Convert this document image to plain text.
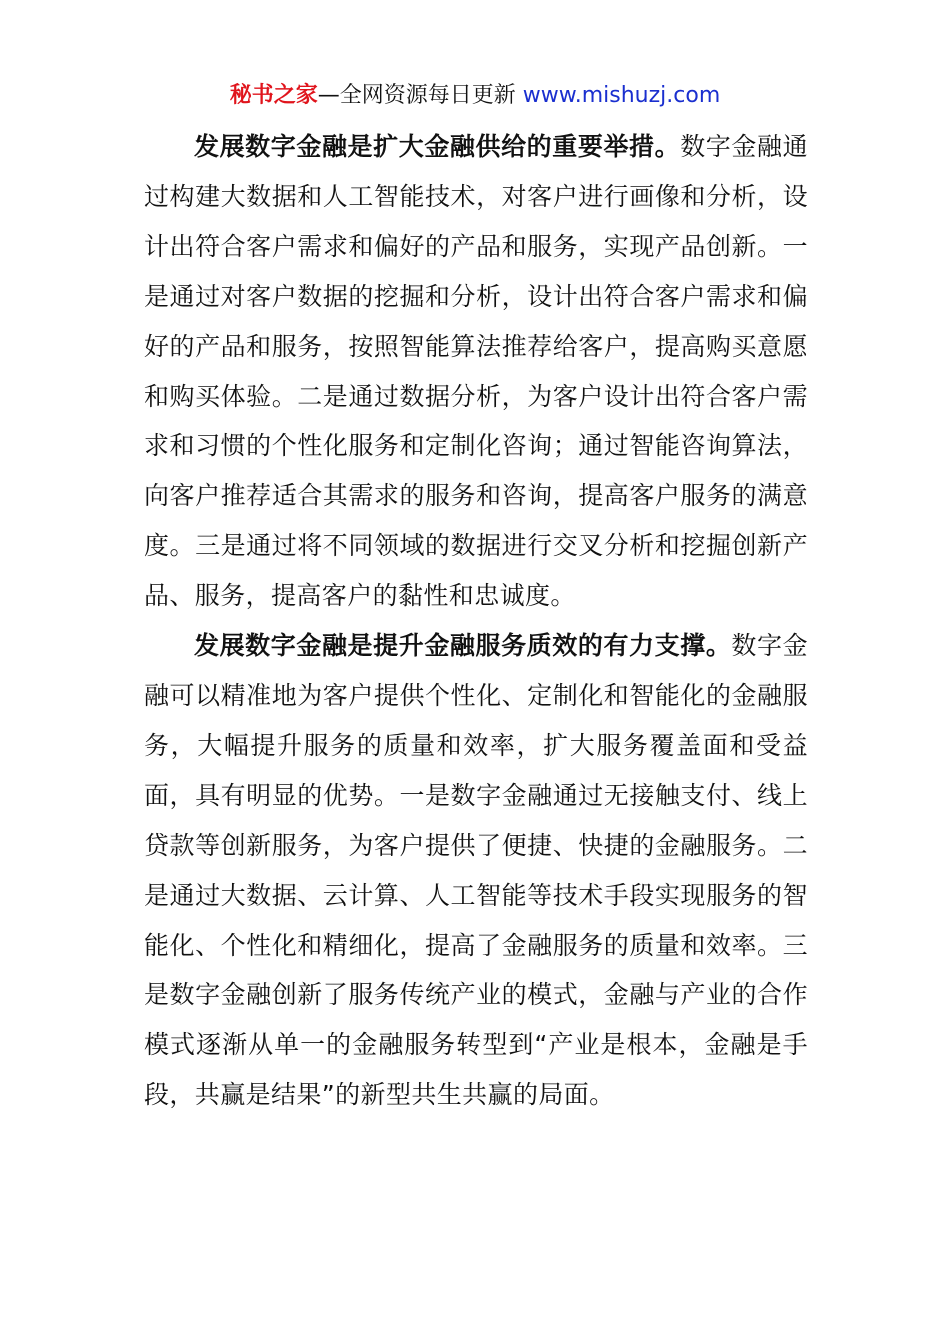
秘书之家—全网资源每日更新 www.mishuzj.com

发展数字金融是扩大金融供给的重要举措。数字金融通过构建大数据和人工智能技术，对客户进行画像和分析，设计出符合客户需求和偏好的产品和服务，实现产品创新。一是通过对客户数据的挖掘和分析，设计出符合客户需求和偏好的产品和服务，按照智能算法推荐给客户，提高购买意愿和购买体验。二是通过数据分析，为客户设计出符合客户需求和习惯的个性化服务和定制化咨询；通过智能咨询算法，向客户推荐适合其需求的服务和咨询，提高客户服务的满意度。三是通过将不同领域的数据进行交叉分析和挖掘创新产品、服务，提高客户的黏性和忠诚度。

发展数字金融是提升金融服务质效的有力支撑。数字金融可以精准地为客户提供个性化、定制化和智能化的金融服务，大幅提升服务的质量和效率，扩大服务覆盖面和受益面，具有明显的优势。一是数字金融通过无接触支付、线上贷款等创新服务，为客户提供了便捷、快捷的金融服务。二是通过大数据、云计算、人工智能等技术手段实现服务的智能化、个性化和精细化，提高了金融服务的质量和效率。三是数字金融创新了服务传统产业的模式，金融与产业的合作模式逐渐从单一的金融服务转型到“产业是根本，金融是手段，共赢是结果”的新型共生共赢的局面。
